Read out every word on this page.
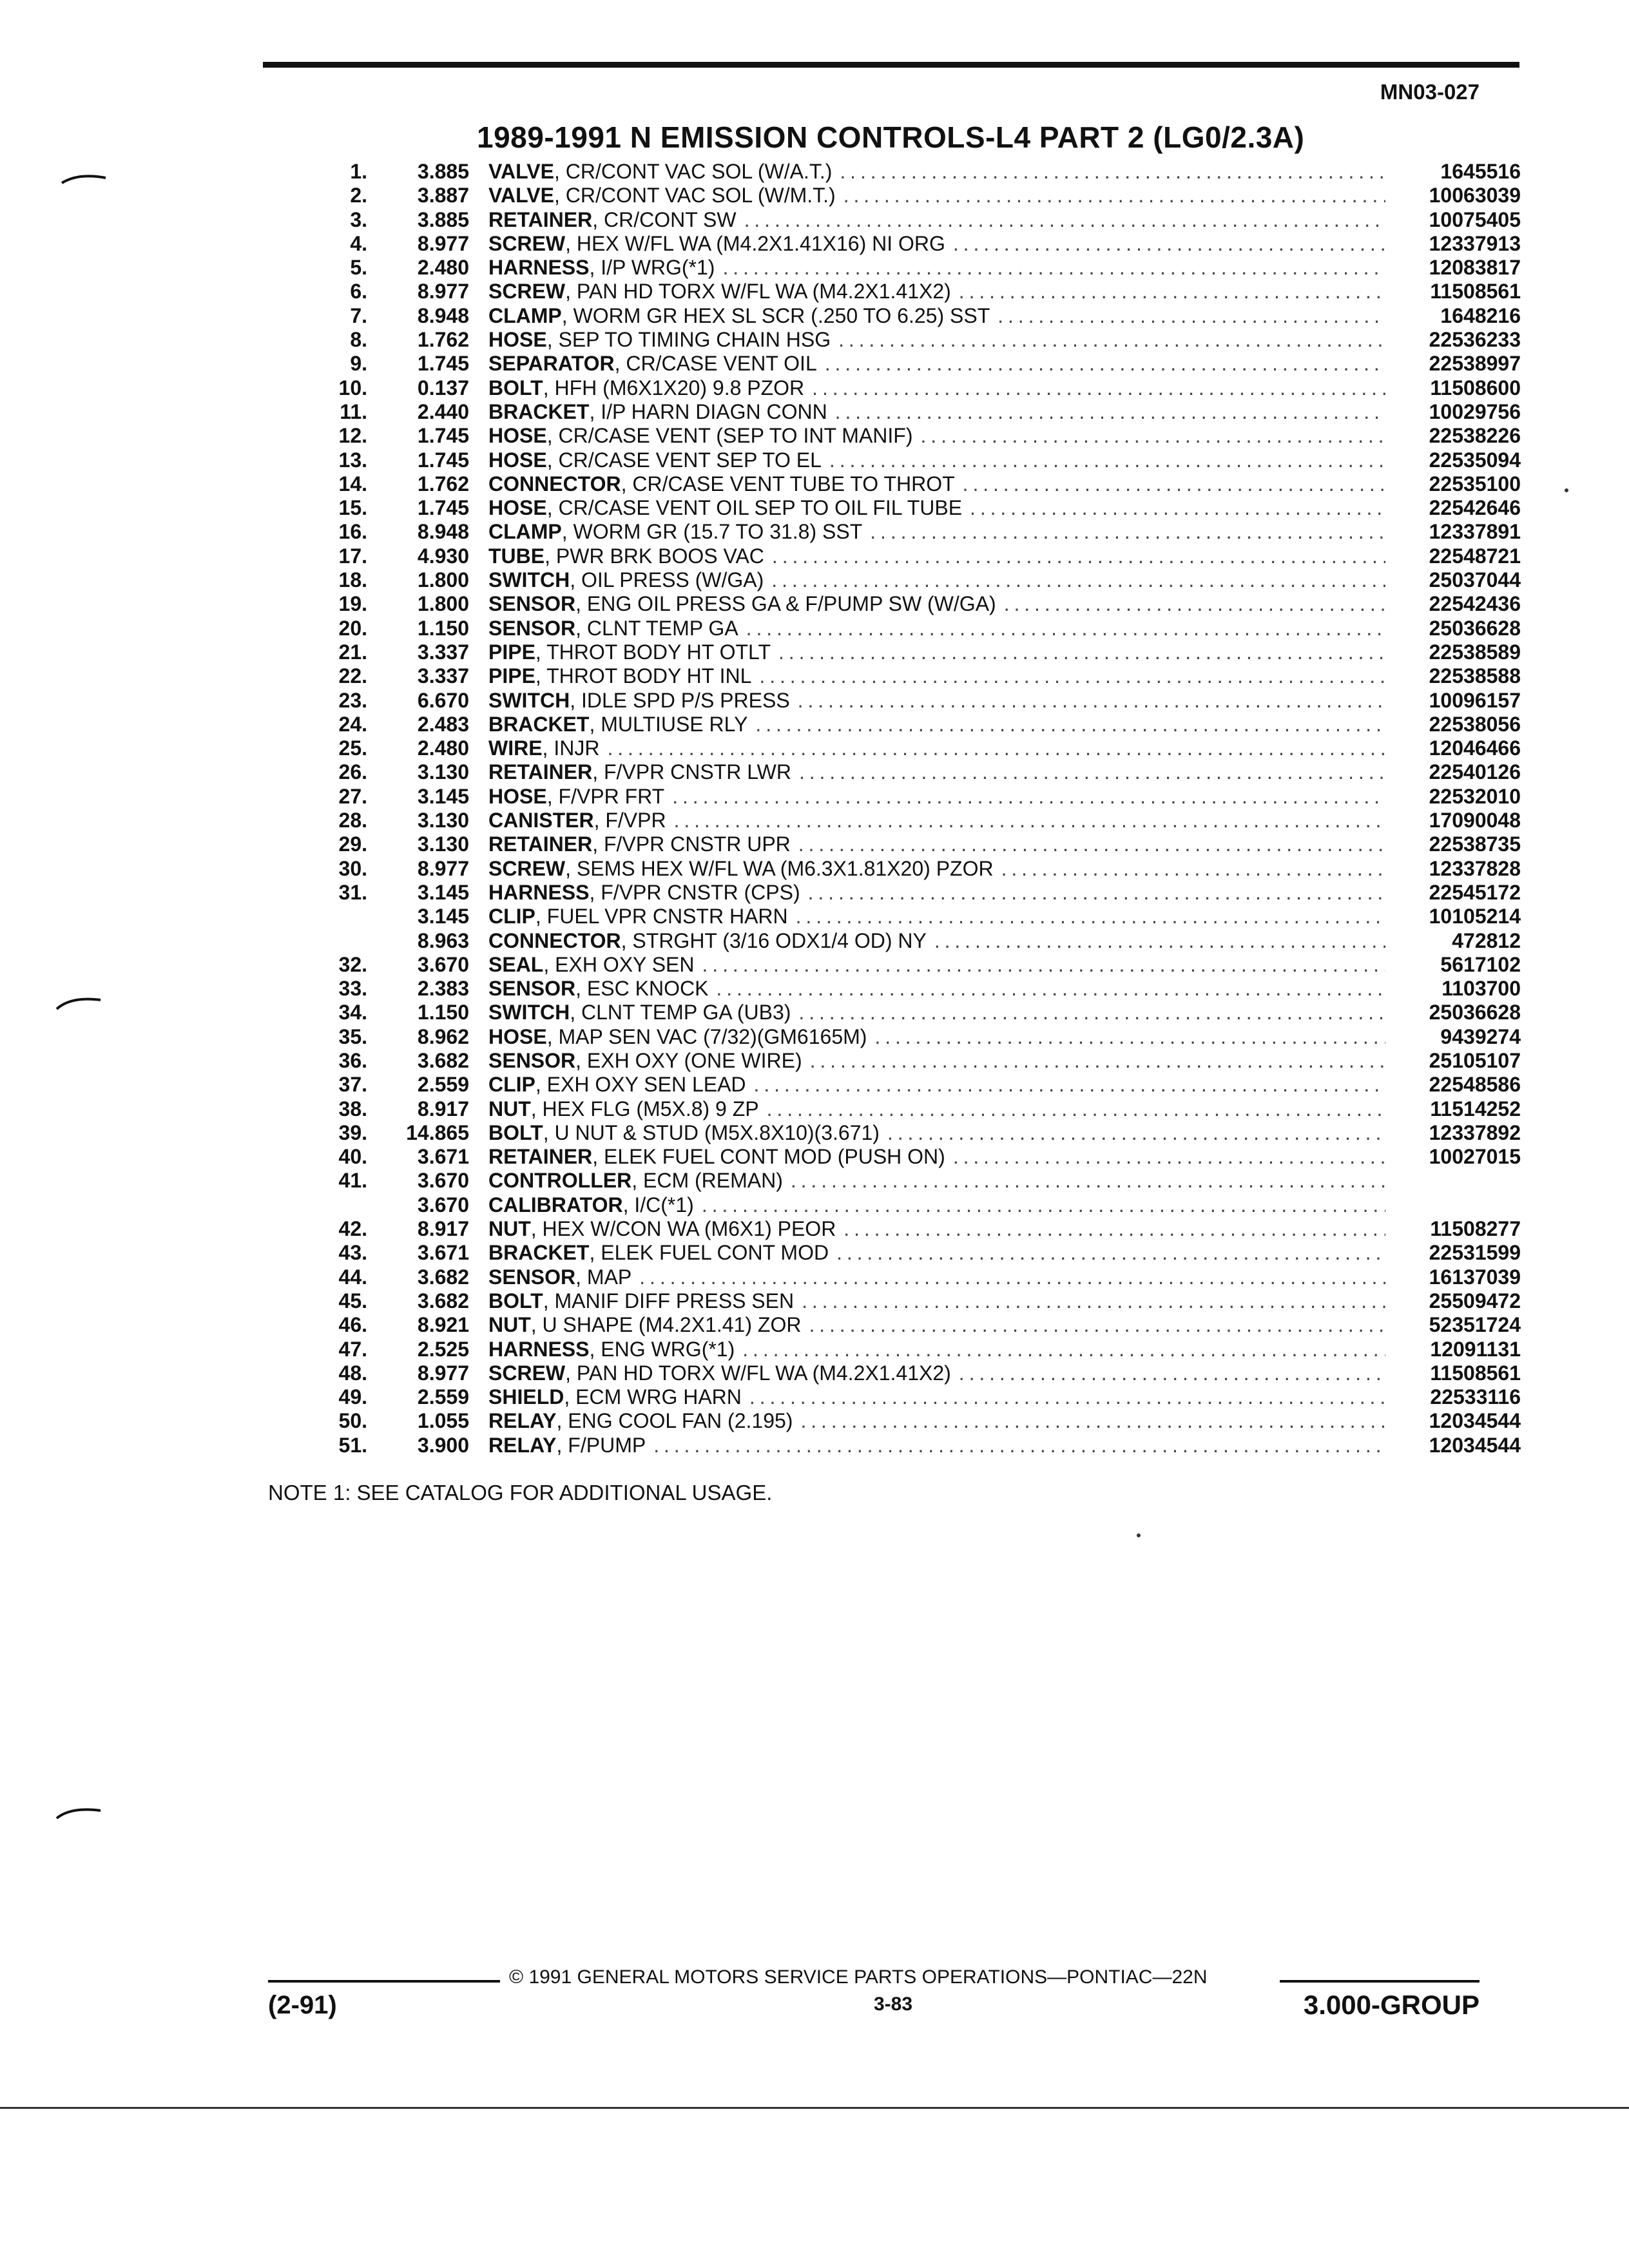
MN03-027
1989-1991 N EMISSION CONTROLS-L4 PART 2 (LG0/2.3A)
1.	3.885 VALVE, CR/CONT VAC SOL (W/A.T.) . . .	1645516
2.	3.887 VALVE, CR/CONT VAC SOL (W/M.T.) . . .	10063039
3.	3.885 RETAINER, CR/CONT SW . . .	10075405
4.	8.977 SCREW, HEX W/FL WA (M4.2X1.41X16) NI ORG . . .	12337913
5.	2.480 HARNESS, I/P WRG(*1) . . .	12083817
6.	8.977 SCREW, PAN HD TORX W/FL WA (M4.2X1.41X2) . . .	11508561
7.	8.948 CLAMP, WORM GR HEX SL SCR (.250 TO 6.25) SST . . .	1648216
8.	1.762 HOSE, SEP TO TIMING CHAIN HSG . . .	22536233
9.	1.745 SEPARATOR, CR/CASE VENT OIL . . .	22538997
10.	0.137 BOLT, HFH (M6X1X20) 9.8 PZOR . . .	11508600
11.	2.440 BRACKET, I/P HARN DIAGN CONN . . .	10029756
12.	1.745 HOSE, CR/CASE VENT (SEP TO INT MANIF) . . .	22538226
13.	1.745 HOSE, CR/CASE VENT SEP TO EL . . .	22535094
14.	1.762 CONNECTOR, CR/CASE VENT TUBE TO THROT . . .	22535100
15.	1.745 HOSE, CR/CASE VENT OIL SEP TO OIL FIL TUBE . . .	22542646
16.	8.948 CLAMP, WORM GR (15.7 TO 31.8) SST . . .	12337891
17.	4.930 TUBE, PWR BRK BOOS VAC . . .	22548721
18.	1.800 SWITCH, OIL PRESS (W/GA) . . .	25037044
19.	1.800 SENSOR, ENG OIL PRESS GA & F/PUMP SW (W/GA) . . .	22542436
20.	1.150 SENSOR, CLNT TEMP GA . . .	25036628
21.	3.337 PIPE, THROT BODY HT OTLT . . .	22538589
22.	3.337 PIPE, THROT BODY HT INL . . .	22538588
23.	6.670 SWITCH, IDLE SPD P/S PRESS . . .	10096157
24.	2.483 BRACKET, MULTIUSE RLY . . .	22538056
25.	2.480 WIRE, INJR . . .	12046466
26.	3.130 RETAINER, F/VPR CNSTR LWR . . .	22540126
27.	3.145 HOSE, F/VPR FRT . . .	22532010
28.	3.130 CANISTER, F/VPR . . .	17090048
29.	3.130 RETAINER, F/VPR CNSTR UPR . . .	22538735
30.	8.977 SCREW, SEMS HEX W/FL WA (M6.3X1.81X20) PZOR . . .	12337828
31.	3.145 HARNESS, F/VPR CNSTR (CPS) . . .	22545172
3.145 CLIP, FUEL VPR CNSTR HARN . . .	10105214
8.963 CONNECTOR, STRGHT (3/16 ODX1/4 OD) NY . . .	472812
32.	3.670 SEAL, EXH OXY SEN . . .	5617102
33.	2.383 SENSOR, ESC KNOCK . . .	1103700
34.	1.150 SWITCH, CLNT TEMP GA (UB3) . . .	25036628
35.	8.962 HOSE, MAP SEN VAC (7/32)(GM6165M) . . .	9439274
36.	3.682 SENSOR, EXH OXY (ONE WIRE) . . .	25105107
37.	2.559 CLIP, EXH OXY SEN LEAD . . .	22548586
38.	8.917 NUT, HEX FLG (M5X.8) 9 ZP . . .	11514252
39.	14.865 BOLT, U NUT & STUD (M5X.8X10)(3.671) . . .	12337892
40.	3.671 RETAINER, ELEK FUEL CONT MOD (PUSH ON) . . .	10027015
41.	3.670 CONTROLLER, ECM (REMAN)
. . .
3.670 CALIBRATOR, I/C(*1)
. . .
42.	8.917 NUT, HEX W/CON WA (M6X1) PEOR . . .	11508277
43.	3.671 BRACKET, ELEK FUEL CONT MOD . . .	22531599
44.	3.682 SENSOR, MAP . . .	16137039
45.	3.682 BOLT, MANIF DIFF PRESS SEN . . .	25509472
46.	8.921 NUT, U SHAPE (M4.2X1.41) ZOR . . .	52351724
47.	2.525 HARNESS, ENG WRG(*1) . . .	12091131
48.	8.977 SCREW, PAN HD TORX W/FL WA (M4.2X1.41X2) . . .	11508561
49.	2.559 SHIELD, ECM WRG HARN . . .	22533116
50.	1.055 RELAY, ENG COOL FAN (2.195) . . .	12034544
51.	3.900 RELAY, F/PUMP . . .	12034544
NOTE 1: SEE CATALOG FOR ADDITIONAL USAGE.
© 1991 GENERAL MOTORS SERVICE PARTS OPERATIONS—PONTIAC—22N
(2-91)	3-83	3.000-GROUP
